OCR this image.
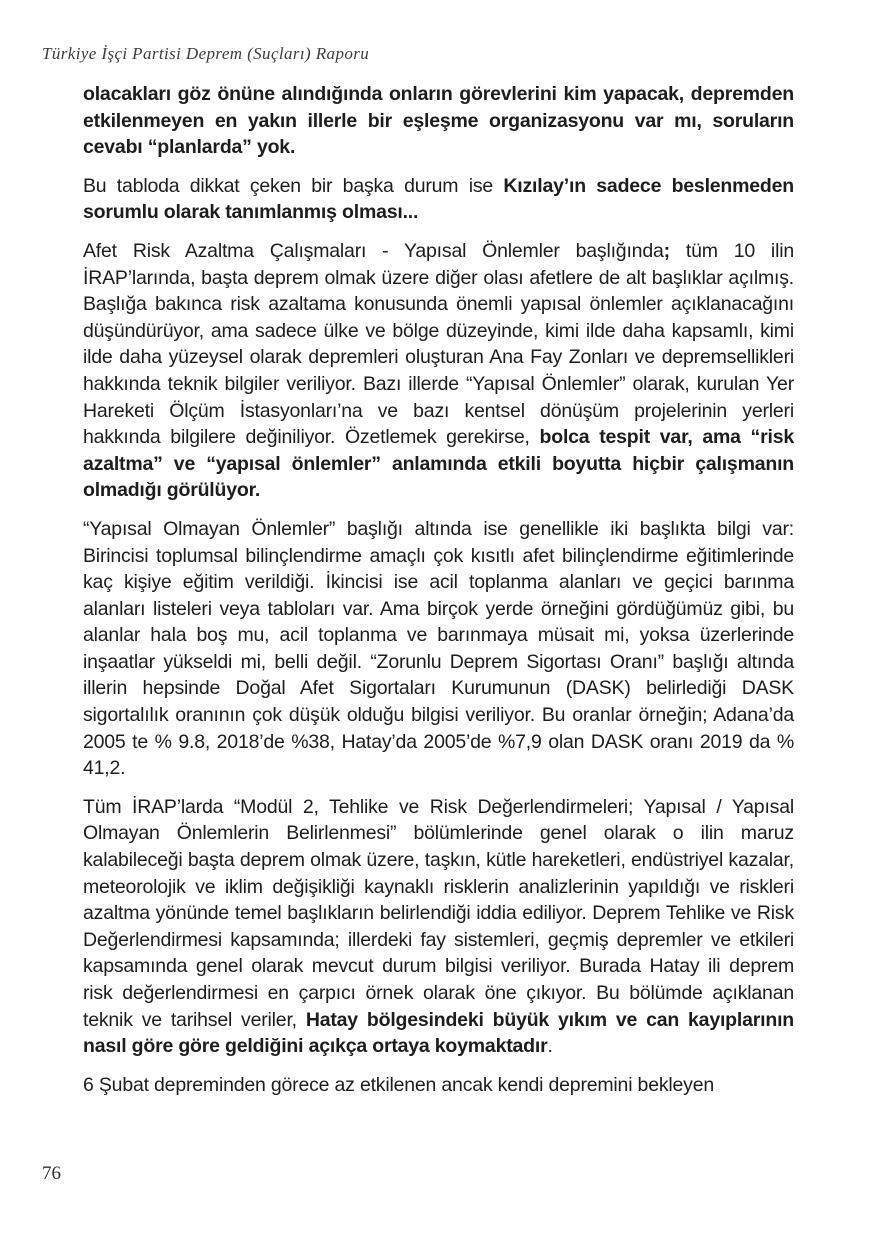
Türkiye İşçi Partisi Deprem (Suçları) Raporu

olacakları göz önüne alındığında onların görevlerini kim yapacak, depremden etkilenmeyen en yakın illerle bir eşleşme organizasyonu var mı, soruların cevabı “planlarda” yok.

Bu tabloda dikkat çeken bir başka durum ise Kızılay’ın sadece beslenmeden sorumlu olarak tanımlanmış olması...

Afet Risk Azaltma Çalışmaları - Yapısal Önlemler başlığında; tüm 10 ilin İRAP’larında, başta deprem olmak üzere diğer olası afetlere de alt başlıklar açılmış. Başlığa bakınca risk azaltama konusunda önemli yapısal önlemler açıklanacağını düşündürüyor, ama sadece ülke ve bölge düzeyinde, kimi ilde daha kapsamlı, kimi ilde daha yüzeysel olarak depremleri oluşturan Ana Fay Zonları ve depremsellikleri hakkında teknik bilgiler veriliyor. Bazı illerde “Yapısal Önlemler” olarak, kurulan Yer Hareketi Ölçüm İstasyonları’na ve bazı kentsel dönüşüm projelerinin yerleri hakkında bilgilere değiniliyor. Özetlemek gerekirse, bolca tespit var, ama “risk azaltma” ve “yapısal önlemler” anlamında etkili boyutta hiçbir çalışmanın olmadığı görülüyor.

“Yapısal Olmayan Önlemler” başlığı altında ise genellikle iki başlıkta bilgi var: Birincisi toplumsal bilinçlendirme amaçlı çok kısıtlı afet bilinçlendirme eğitimlerinde kaç kişiye eğitim verildiği. İkincisi ise acil toplanma alanları ve geçici barınma alanları listeleri veya tabloları var. Ama birçok yerde örneğini gördüğümüz gibi, bu alanlar hala boş mu, acil toplanma ve barınmaya müsait mi, yoksa üzerlerinde inşaatlar yükseldi mi, belli değil. “Zorunlu Deprem Sigortası Oranı” başlığı altında illerin hepsinde Doğal Afet Sigortaları Kurumunun (DASK) belirlediği DASK sigortalılık oranının çok düşük olduğu bilgisi veriliyor. Bu oranlar örneğin; Adana’da 2005 te % 9.8, 2018’de %38, Hatay’da 2005’de %7,9 olan DASK oranı 2019 da % 41,2.

Tüm İRAP’larda “Modül 2, Tehlike ve Risk Değerlendirmeleri; Yapısal / Yapısal Olmayan Önlemlerin Belirlenmesi” bölümlerinde genel olarak o ilin maruz kalabileceği başta deprem olmak üzere, taşkın, kütle hareketleri, endüstriyel kazalar, meteorolojik ve iklim değişikliği kaynaklı risklerin analizlerinin yapıldığı ve riskleri azaltma yönünde temel başlıkların belirlendiği iddia ediliyor. Deprem Tehlike ve Risk Değerlendirmesi kapsamında; illerdeki fay sistemleri, geçmiş depremler ve etkileri kapsamında genel olarak mevcut durum bilgisi veriliyor. Burada Hatay ili deprem risk değerlendirmesi en çarpıcı örnek olarak öne çıkıyor. Bu bölümde açıklanan teknik ve tarihsel veriler, Hatay bölgesindeki büyük yıkım ve can kayıplarının nasıl göre göre geldiğini açıkça ortaya koymaktadır.

6 Şubat depreminden görece az etkilenen ancak kendi depremini bekleyen

76
